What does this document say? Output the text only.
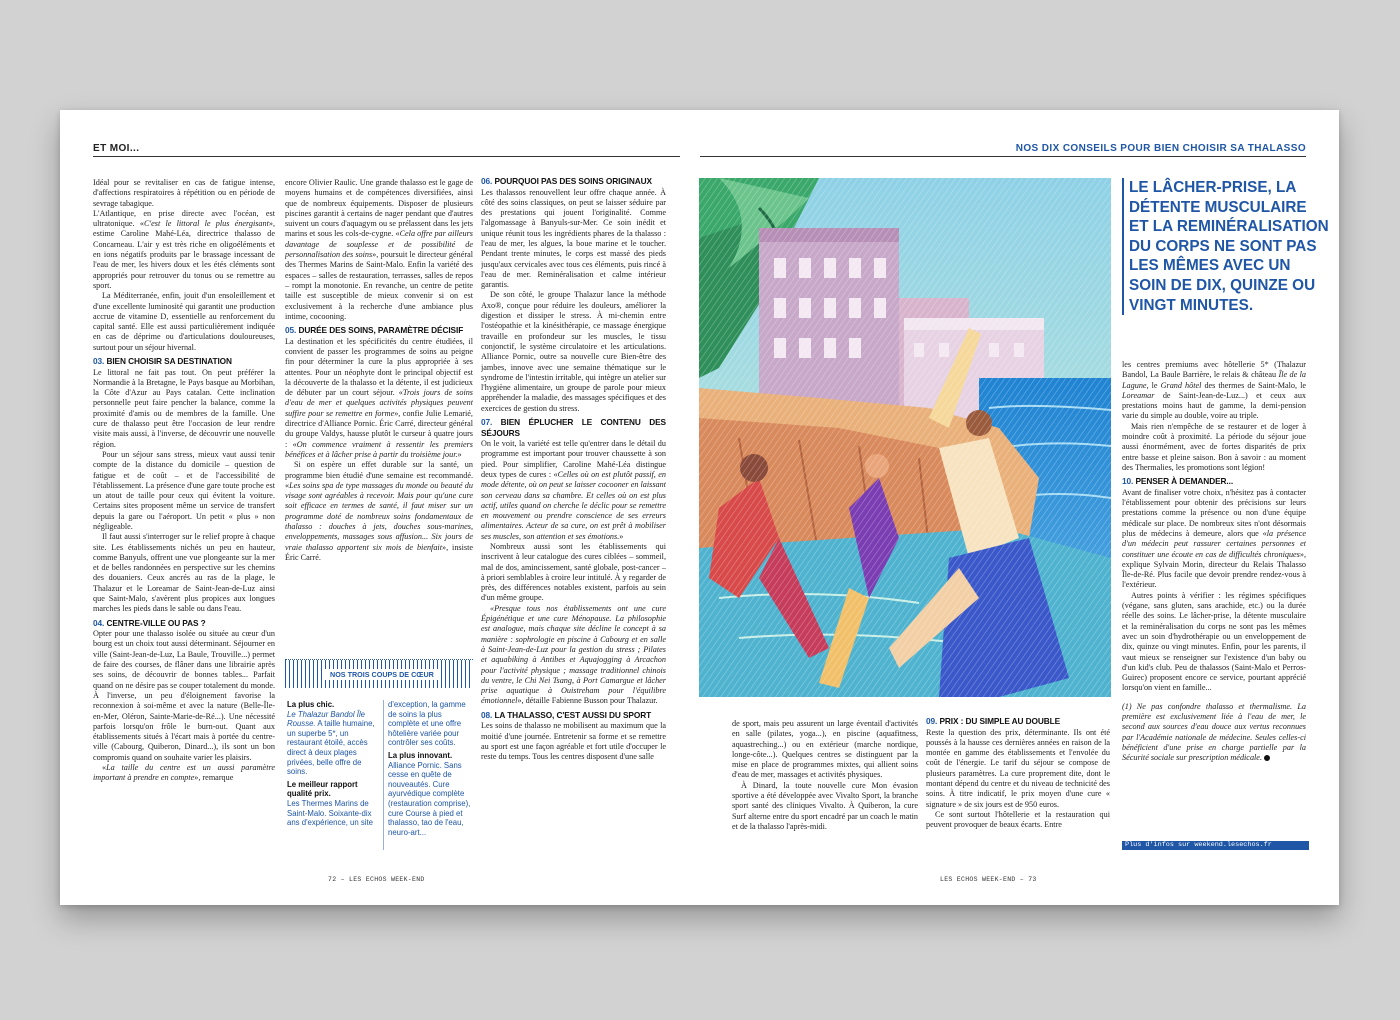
ET MOI...	NOS DIX CONSEILS POUR BIEN CHOISIR SA THALASSO

Idéal pour se revitaliser en cas de fatigue intense, d'affections respiratoires à répétition ou en période de sevrage tabagique.

L'Atlantique, en prise directe avec l'océan, est ultratonique. «C'est le littoral le plus énergisant», estime Caroline Mahé-Léa, directrice thalasso de Concarneau. L'air y est très riche en oligoéléments et en ions négatifs produits par le brassage incessant de l'eau de mer, les hivers doux et les étés cléments sont appropriés pour retrouver du tonus ou se remettre au sport.

La Méditerranée, enfin, jouit d'un ensoleillement et d'une excellente luminosité qui garantit une production accrue de vitamine D, essentielle au renforcement du capital santé. Elle est aussi particulièrement indiquée en cas de déprime ou d'articulations douloureuses, surtout pour un séjour hivernal.

03. BIEN CHOISIR SA DESTINATION

Le littoral ne fait pas tout. On peut préférer la Normandie à la Bretagne, le Pays basque au Morbihan, la Côte d'Azur au Pays catalan. Cette inclination personnelle peut faire pencher la balance, comme la proximité d'amis ou de membres de la famille. Une cure de thalasso peut être l'occasion de leur rendre visite mais aussi, à l'inverse, de découvrir une nouvelle région.

Pour un séjour sans stress, mieux vaut aussi tenir compte de la distance du domicile – question de fatigue et de coût – et de l'accessibilité de l'établissement. La présence d'une gare toute proche est un atout de taille pour ceux qui évitent la voiture. Certains sites proposent même un service de transfert depuis la gare ou l'aéroport. Un petit « plus » non négligeable.

Il faut aussi s'interroger sur le relief propre à chaque site. Les établissements nichés un peu en hauteur, comme Banyuls, offrent une vue plongeante sur la mer et de belles randonnées en perspective sur les chemins des douaniers. Ceux ancrés au ras de la plage, le Thalazur et le Loreamar de Saint-Jean-de-Luz ainsi que Saint-Malo, s'avèrent plus propices aux longues marches les pieds dans le sable ou dans l'eau.

04. CENTRE-VILLE OU PAS ?

Opter pour une thalasso isolée ou située au cœur d'un bourg est un choix tout aussi déterminant. Séjourner en ville (Saint-Jean-de-Luz, La Baule, Trouville...) permet de faire des courses, de flâner dans une librairie après ses soins, de découvrir de bonnes tables... Parfait quand on ne désire pas se couper totalement du monde. À l'inverse, un peu d'éloignement favorise la reconnexion à soi-même et avec la nature (Belle-Île-en-Mer, Oléron, Sainte-Marie-de-Ré...). Une nécessité parfois lorsqu'on frôle le burn-out. Quant aux établissements situés à l'écart mais à portée du centre-ville (Cabourg, Quiberon, Dinard...), ils sont un bon compromis quand on souhaite varier les plaisirs.

«La taille du centre est un aussi paramètre important à prendre en compte», remarque

encore Olivier Raulic. Une grande thalasso est le gage de moyens humains et de compétences diversifiées, ainsi que de nombreux équipements. Disposer de plusieurs piscines garantit à certains de nager pendant que d'autres suivent un cours d'aquagym ou se prélassent dans les jets marins et sous les cols-de-cygne. «Cela offre par ailleurs davantage de souplesse et de possibilité de personnalisation des soins», poursuit le directeur général des Thermes Marins de Saint-Malo. Enfin la variété des espaces – salles de restauration, terrasses, salles de repos – rompt la monotonie. En revanche, un centre de petite taille est susceptible de mieux convenir si on est exclusivement à la recherche d'une ambiance plus intime, cocooning.

05. DURÉE DES SOINS, PARAMÈTRE DÉCISIF

La destination et les spécificités du centre étudiées, il convient de passer les programmes de soins au peigne fin pour déterminer la cure la plus appropriée à ses attentes. Pour un néophyte dont le principal objectif est la découverte de la thalasso et la détente, il est judicieux de débuter par un court séjour. «Trois jours de soins d'eau de mer et quelques activités physiques peuvent suffire pour se remettre en forme», confie Julie Lemarié, directrice d'Alliance Pornic. Éric Carré, directeur général du groupe Valdys, hausse plutôt le curseur à quatre jours : «On commence vraiment à ressentir les premiers bénéfices et à lâcher prise à partir du troisième jour.»

Si on espère un effet durable sur la santé, un programme bien étudié d'une semaine est recommandé. «Les soins spa de type massages du monde ou beauté du visage sont agréables à recevoir. Mais pour qu'une cure soit efficace en termes de santé, il faut miser sur un programme doté de nombreux soins fondamentaux de thalasso : douches à jets, douches sous-marines, enveloppements, massages sous affusion... Six jours de vraie thalasso apportent six mois de bienfait», insiste Éric Carré.

NOS TROIS COUPS DE CŒUR

La plus chic.
Le Thalazur Bandol Île Rousse. A taille humaine, un superbe 5*, un restaurant étoilé, accès direct à deux plages privées, belle offre de soins.

Le meilleur rapport qualité prix.
Les Thermes Marins de Saint-Malo. Soixante-dix ans d'expérience, un site

d'exception, la gamme de soins la plus complète et une offre hôtelière variée pour contrôler ses coûts.

La plus innovant.
Alliance Pornic. Sans cesse en quête de nouveautés. Cure ayurvédique complète (restauration comprise), cure Course à pied et thalasso, tao de l'eau, neuro-art...

06. POURQUOI PAS DES SOINS ORIGINAUX

Les thalassos renouvellent leur offre chaque année. À côté des soins classiques, on peut se laisser séduire par des prestations qui jouent l'originalité. Comme l'algomassage à Banyuls-sur-Mer. Ce soin inédit et unique réunit tous les ingrédients phares de la thalasso : l'eau de mer, les algues, la boue marine et le toucher. Pendant trente minutes, le corps est massé des pieds jusqu'aux cervicales avec tous ces éléments, puis rincé à l'eau de mer. Reminéralisation et calme intérieur garantis.

De son côté, le groupe Thalazur lance la méthode Axo®, conçue pour réduire les douleurs, améliorer la digestion et dissiper le stress. À mi-chemin entre l'ostéopathie et la kinésithérapie, ce massage énergique travaille en profondeur sur les muscles, le tissu conjonctif, le système circulatoire et les articulations. Alliance Pornic, outre sa nouvelle cure Bien-être des jambes, innove avec une semaine thématique sur le syndrome de l'intestin irritable, qui intègre un atelier sur l'hygiène alimentaire, un groupe de parole pour mieux appréhender la maladie, des massages spécifiques et des exercices de gestion du stress.

07. BIEN ÉPLUCHER LE CONTENU DES SÉJOURS

On le voit, la variété est telle qu'entrer dans le détail du programme est important pour trouver chaussette à son pied. Pour simplifier, Caroline Mahé-Léa distingue deux types de cures : «Celles où on est plutôt passif, en mode détente, où on peut se laisser cocooner en laissant son cerveau dans sa chambre. Et celles où on est plus actif, utiles quand on cherche le déclic pour se remettre en mouvement ou prendre conscience de ses erreurs alimentaires. Acteur de sa cure, on est prêt à mobiliser ses muscles, son attention et ses émotions.»

Nombreux aussi sont les établissements qui inscrivent à leur catalogue des cures ciblées – sommeil, mal de dos, amincissement, santé globale, post-cancer – à priori semblables à croire leur intitulé. À y regarder de près, des différences notables existent, parfois au sein d'un même groupe.

«Presque tous nos établissements ont une cure Épigénétique et une cure Ménopause. La philosophie est analogue, mais chaque site décline le concept à sa manière : sophrologie en piscine à Cabourg et en salle à Saint-Jean-de-Luz pour la gestion du stress ; Pilates et aquabiking à Antibes et Aquajogging à Arcachon pour l'activité physique ; massage traditionnel chinois du ventre, le Chi Nei Tsang, à Port Camargue et lâcher prise aquatique à Ouistreham pour l'équilibre émotionnel», détaille Fabienne Busson pour Thalazur.

08. LA THALASSO, C'EST AUSSI DU SPORT

Les soins de thalasso ne mobilisent au maximum que la moitié d'une journée. Entretenir sa forme et se remettre au sport est une façon agréable et fort utile d'occuper le reste du temps. Tous les centres disposent d'une salle

LE LÂCHER-PRISE, LA DÉTENTE MUSCULAIRE ET LA REMINÉRALISATION DU CORPS NE SONT PAS LES MÊMES AVEC UN SOIN DE DIX, QUINZE OU VINGT MINUTES.

de sport, mais peu assurent un large éventail d'activités en salle (pilates, yoga...), en piscine (aquafitness, aquastreching...) ou en extérieur (marche nordique, longe-côte...). Quelques centres se distinguent par la mise en place de programmes mixtes, qui allient soins d'eau de mer, massages et activités physiques.

À Dinard, la toute nouvelle cure Mon évasion sportive a été développée avec Vivalto Sport, la branche sport santé des cliniques Vivalto. À Quiberon, la cure Surf alterne entre du sport encadré par un coach le matin et de la thalasso l'après-midi.

09. PRIX : DU SIMPLE AU DOUBLE

Reste la question des prix, déterminante. Ils ont été poussés à la hausse ces dernières années en raison de la montée en gamme des établissements et l'envolée du coût de l'énergie. Le tarif du séjour se compose de plusieurs paramètres. La cure proprement dite, dont le montant dépend du centre et du niveau de technicité des soins. À titre indicatif, le prix moyen d'une cure « signature » de six jours est de 950 euros.

Ce sont surtout l'hôtellerie et la restauration qui peuvent provoquer de beaux écarts. Entre

les centres premiums avec hôtellerie 5* (Thalazur Bandol, La Baule Barrière, le relais & château Île de la Lagune, le Grand hôtel des thermes de Saint-Malo, le Loreamar de Saint-Jean-de-Luz...) et ceux aux prestations moins haut de gamme, la demi-pension varie du simple au double, voire au triple.

Mais rien n'empêche de se restaurer et de loger à moindre coût à proximité. La période du séjour joue aussi énormément, avec de fortes disparités de prix entre basse et pleine saison. Bon à savoir : au moment des Thermalies, les promotions sont légion!

10. PENSER À DEMANDER...

Avant de finaliser votre choix, n'hésitez pas à contacter l'établissement pour obtenir des précisions sur leurs prestations comme la présence ou non d'une équipe médicale sur place. De nombreux sites n'ont désormais plus de médecins à demeure, alors que «la présence d'un médecin peut rassurer certaines personnes et constituer une écoute en cas de difficultés chroniques», explique Sylvain Morin, directeur du Relais Thalasso Île-de-Ré. Plus facile que devoir prendre rendez-vous à l'extérieur.

Autres points à vérifier : les régimes spécifiques (végane, sans gluten, sans arachide, etc.) ou la durée réelle des soins. Le lâcher-prise, la détente musculaire et la reminéralisation du corps ne sont pas les mêmes avec un soin d'hydrothérapie ou un enveloppement de dix, quinze ou vingt minutes. Enfin, pour les parents, il vaut mieux se renseigner sur l'existence d'un baby ou d'un kid's club. Peu de thalassos (Saint-Malo et Perros-Guirec) proposent encore ce service, pourtant apprécié lorsqu'on vient en famille...

(1) Ne pas confondre thalasso et thermalisme. La première est exclusivement liée à l'eau de mer, le second aux sources d'eau douce aux vertus reconnues par l'Académie nationale de médecine. Seules celles-ci bénéficient d'une prise en charge partielle par la Sécurité sociale sur prescription médicale.

Plus d'infos sur weekend.lesechos.fr
72 – LES ECHOS WEEK-END	LES ECHOS WEEK-END – 73
